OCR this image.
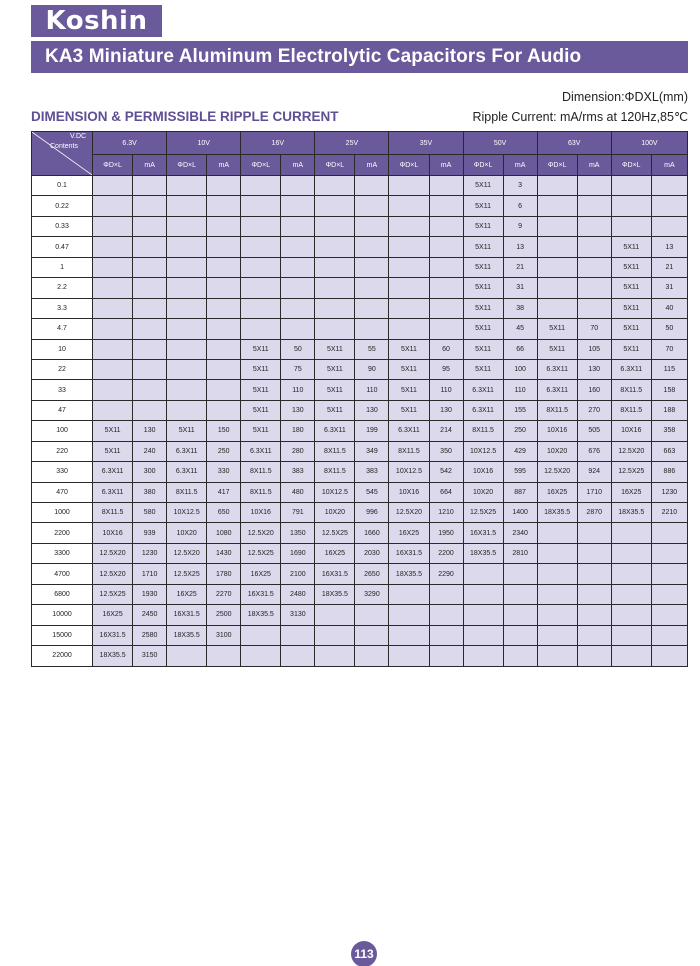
Koshin
KA3 Miniature Aluminum Electrolytic Capacitors For Audio
Dimension:ΦDXL(mm)
DIMENSION & PERMISSIBLE RIPPLE CURRENT	Ripple Current: mA/rms at 120Hz,85℃
V.DC
Contents	6.3V		10V		16V		25V		35V		50V		63V		100V	
	ΦD×L	mA	ΦD×L	mA	ΦD×L	mA	ΦD×L	mA	ΦD×L	mA	ΦD×L	mA	ΦD×L	mA	ΦD×L	mA
0.1											5X11	3				
0.22											5X11	6				
0.33											5X11	9				
0.47											5X11	13			5X11	13
1											5X11	21			5X11	21
2.2											5X11	31			5X11	31
3.3											5X11	38			5X11	40
4.7											5X11	45	5X11	70	5X11	50
10					5X11	50	5X11	55	5X11	60	5X11	66	5X11	105	5X11	70
22					5X11	75	5X11	90	5X11	95	5X11	100	6.3X11	130	6.3X11	115
33					5X11	110	5X11	110	5X11	110	6.3X11	110	6.3X11	160	8X11.5	158
47					5X11	130	5X11	130	5X11	130	6.3X11	155	8X11.5	270	8X11.5	188
100	5X11	130	5X11	150	5X11	180	6.3X11	199	6.3X11	214	8X11.5	250	10X16	505	10X16	358
220	5X11	240	6.3X11	250	6.3X11	280	8X11.5	349	8X11.5	350	10X12.5	429	10X20	676	12.5X20	663
330	6.3X11	300	6.3X11	330	8X11.5	383	8X11.5	383	10X12.5	542	10X16	595	12.5X20	924	12.5X25	886
470	6.3X11	380	8X11.5	417	8X11.5	480	10X12.5	545	10X16	664	10X20	887	16X25	1710	16X25	1230
1000	8X11.5	580	10X12.5	650	10X16	791	10X20	996	12.5X20	1210	12.5X25	1400	18X35.5	2870	18X35.5	2210
2200	10X16	939	10X20	1080	12.5X20	1350	12.5X25	1660	16X25	1950	16X31.5	2340				
3300	12.5X20	1230	12.5X20	1430	12.5X25	1690	16X25	2030	16X31.5	2200	18X35.5	2810				
4700	12.5X20	1710	12.5X25	1780	16X25	2100	16X31.5	2650	18X35.5	2290						
6800	12.5X25	1930	16X25	2270	16X31.5	2480	18X35.5	3290								
10000	16X25	2450	16X31.5	2500	18X35.5	3130										
15000	16X31.5	2580	18X35.5	3100												
22000	18X35.5	3150														
113
